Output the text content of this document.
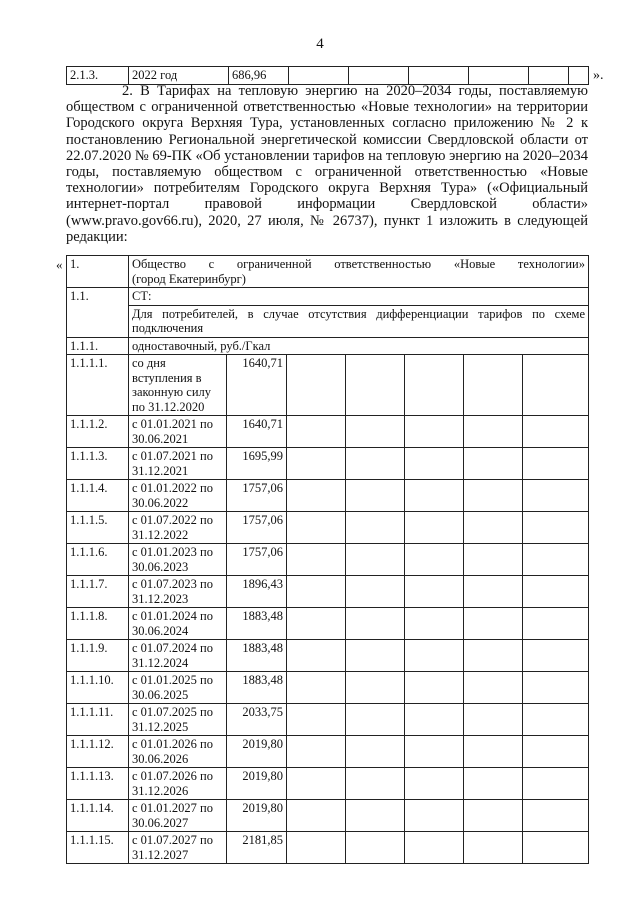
4
2.1.3.	2022 год	686,96							».

2. В Тарифах на тепловую энергию на 2020–2034 годы, поставляемую обществом с ограниченной ответственностью «Новые технологии» на территории Городского округа Верхняя Тура, установленных согласно приложению № 2 к постановлению Региональной энергетической комиссии Свердловской области от 22.07.2020 № 69-ПК «Об установлении тарифов на тепловую энергию на 2020–2034 годы, поставляемую обществом с ограниченной ответственностью «Новые технологии» потребителям Городского округа Верхняя Тура» («Официальный интернет-портал правовой информации Свердловской области» (www.pravo.gov66.ru), 2020, 27 июля, № 26737), пункт 1 изложить в следующей редакции:

« 1.	Общество с ограниченной ответственностью «Новые технологии»
(город Екатеринбург)						

1.1.	СТ:						
	Для потребителей, в случае отсутствия дифференциации тарифов по схеме подключения						
1.1.1.	одноставочный, руб./Гкал						
1.1.1.1.	со дня вступления в законную силу по 31.12.2020	1640,71					
1.1.1.2.	с 01.01.2021 по 30.06.2021	1640,71					
1.1.1.3.	с 01.07.2021 по 31.12.2021	1695,99					
1.1.1.4.	с 01.01.2022 по 30.06.2022	1757,06					
1.1.1.5.	с 01.07.2022 по 31.12.2022	1757,06					
1.1.1.6.	с 01.01.2023 по 30.06.2023	1757,06					
1.1.1.7.	с 01.07.2023 по 31.12.2023	1896,43					
1.1.1.8.	с 01.01.2024 по 30.06.2024	1883,48					
1.1.1.9.	с 01.07.2024 по 31.12.2024	1883,48					
1.1.1.10.	с 01.01.2025 по 30.06.2025	1883,48					
1.1.1.11.	с 01.07.2025 по 31.12.2025	2033,75					
1.1.1.12.	с 01.01.2026 по 30.06.2026	2019,80					
1.1.1.13.	с 01.07.2026 по 31.12.2026	2019,80					
1.1.1.14.	с 01.01.2027 по 30.06.2027	2019,80					
1.1.1.15.	с 01.07.2027 по 31.12.2027	2181,85					
